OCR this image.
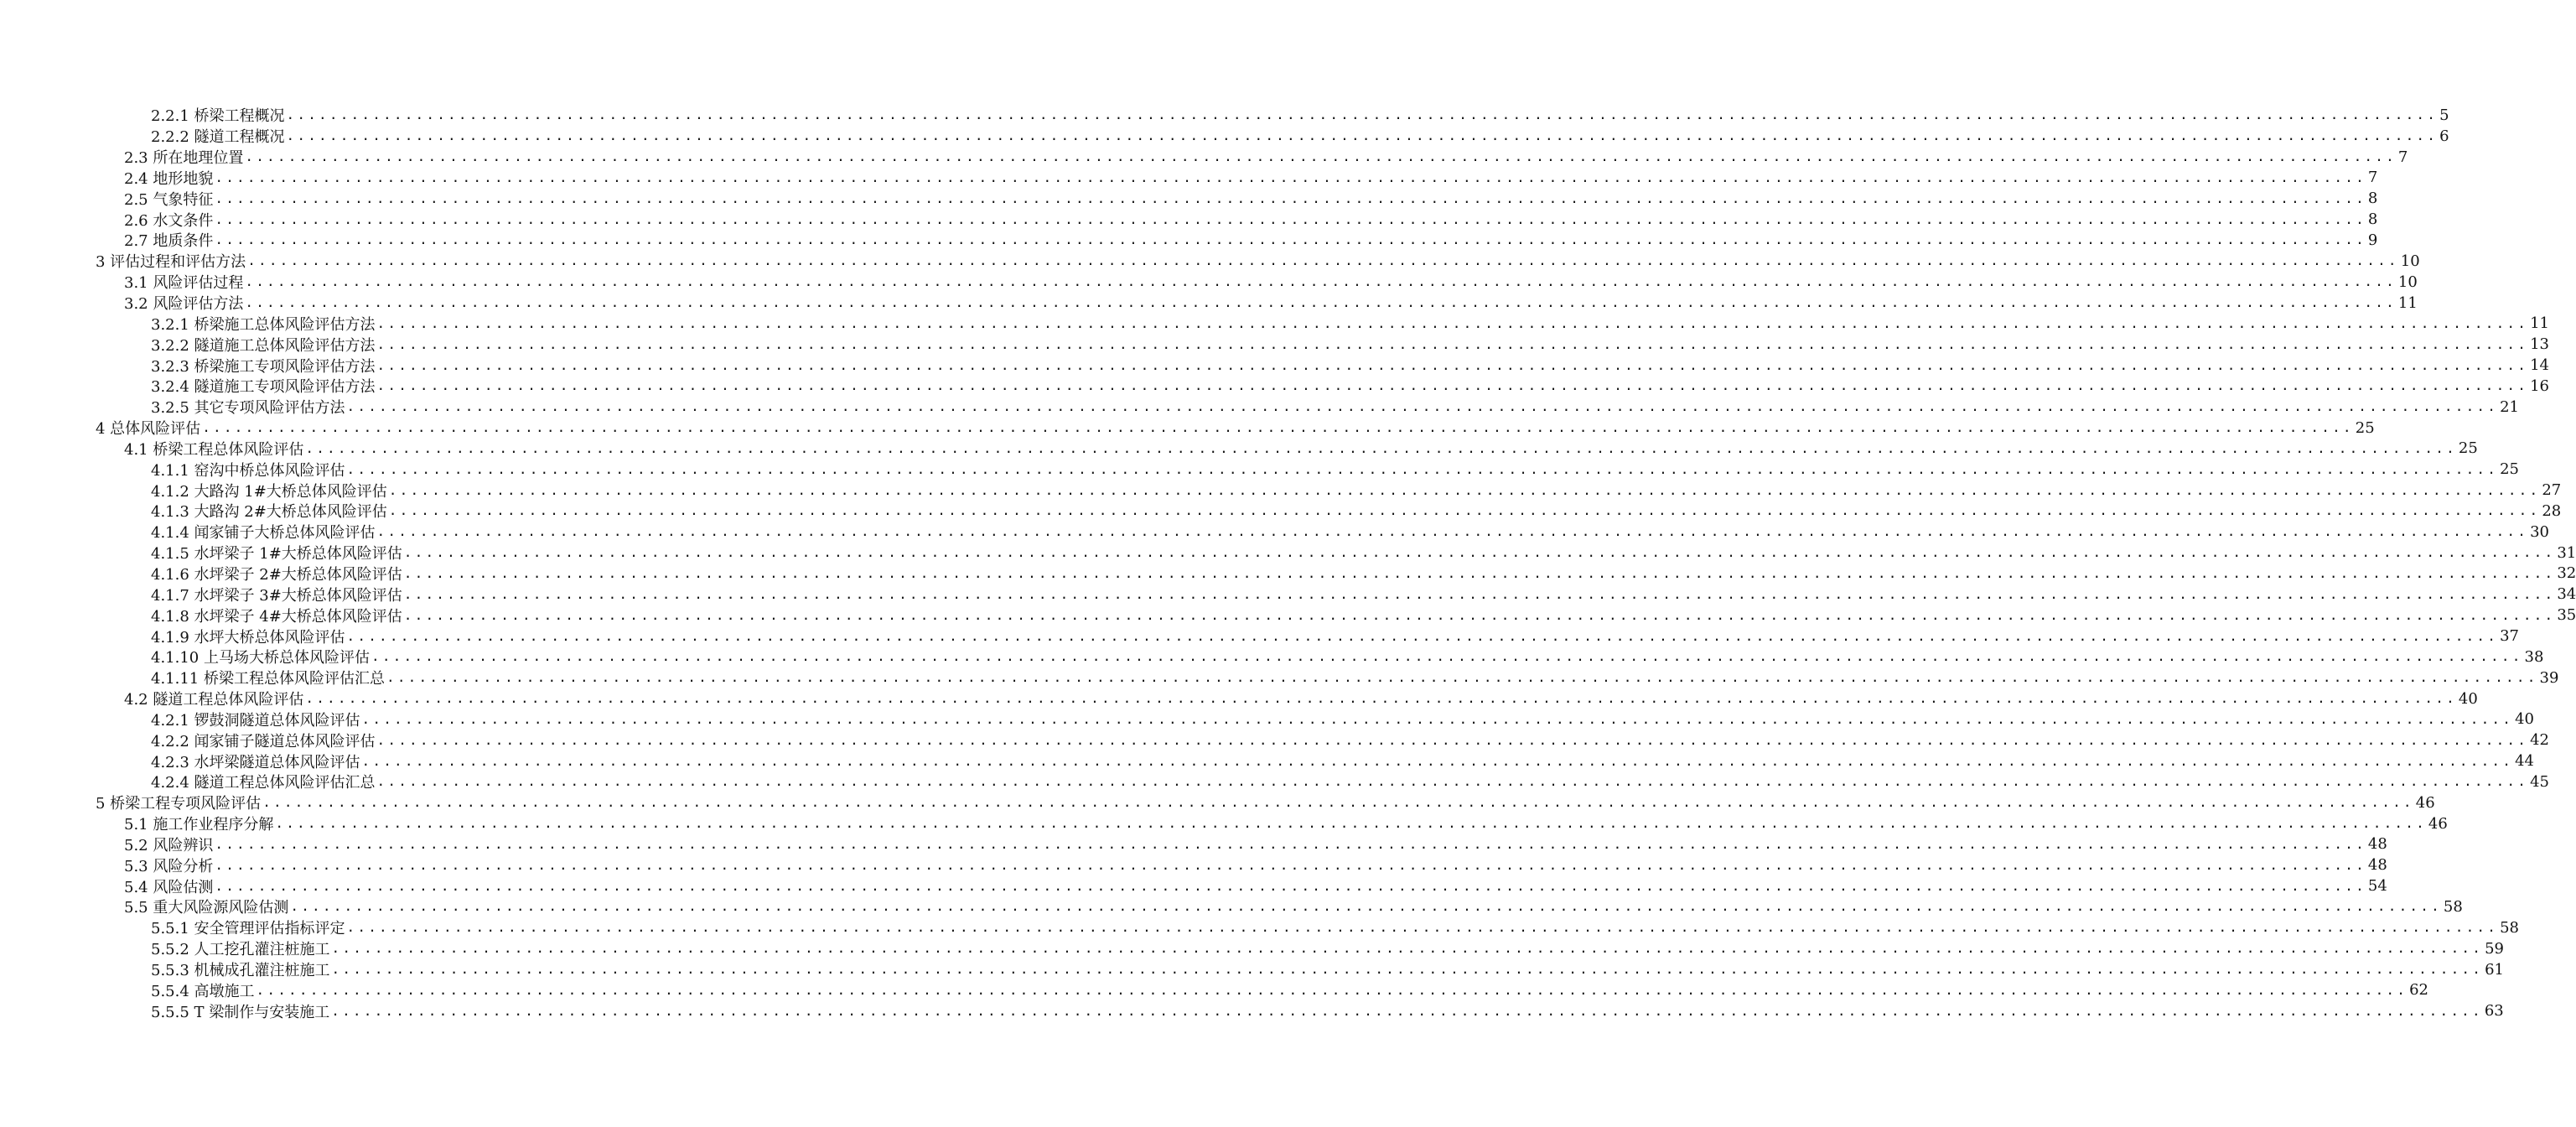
2.2.1 桥梁工程概况 ........................................................................................................................................................................................................ 5
2.2.2 隧道工程概况 ........................................................................................................................................................................................................ 6
2.3 所在地理位置 ........................................................................................................................................................................................................ 7
2.4 地形地貌 ........................................................................................................................................................................................................ 7
2.5 气象特征 ........................................................................................................................................................................................................ 8
2.6 水文条件 ........................................................................................................................................................................................................ 8
2.7 地质条件 ........................................................................................................................................................................................................ 9
3 评估过程和评估方法 ........................................................................................................................................................................................................ 10
3.1 风险评估过程 ........................................................................................................................................................................................................ 10
3.2 风险评估方法 ........................................................................................................................................................................................................ 11
3.2.1 桥梁施工总体风险评估方法 ........................................................................................................................................................................................................ 11
3.2.2 隧道施工总体风险评估方法 ........................................................................................................................................................................................................ 13
3.2.3 桥梁施工专项风险评估方法 ........................................................................................................................................................................................................ 14
3.2.4 隧道施工专项风险评估方法 ........................................................................................................................................................................................................ 16
3.2.5 其它专项风险评估方法 ........................................................................................................................................................................................................ 21
4 总体风险评估 ........................................................................................................................................................................................................ 25
4.1 桥梁工程总体风险评估 ........................................................................................................................................................................................................ 25
4.1.1 窑沟中桥总体风险评估 ........................................................................................................................................................................................................ 25
4.1.2 大路沟 1#大桥总体风险评估 ........................................................................................................................................................................................................ 27
4.1.3 大路沟 2#大桥总体风险评估 ........................................................................................................................................................................................................ 28
4.1.4 闻家铺子大桥总体风险评估 ........................................................................................................................................................................................................ 30
4.1.5 水坪梁子 1#大桥总体风险评估 ........................................................................................................................................................................................................ 31
4.1.6 水坪梁子 2#大桥总体风险评估 ........................................................................................................................................................................................................ 32
4.1.7 水坪梁子 3#大桥总体风险评估 ........................................................................................................................................................................................................ 34
4.1.8 水坪梁子 4#大桥总体风险评估 ........................................................................................................................................................................................................ 35
4.1.9 水坪大桥总体风险评估 ........................................................................................................................................................................................................ 37
4.1.10 上马场大桥总体风险评估 ........................................................................................................................................................................................................ 38
4.1.11 桥梁工程总体风险评估汇总 ........................................................................................................................................................................................................ 39
4.2 隧道工程总体风险评估 ........................................................................................................................................................................................................ 40
4.2.1 锣鼓洞隧道总体风险评估 ........................................................................................................................................................................................................ 40
4.2.2 闻家铺子隧道总体风险评估 ........................................................................................................................................................................................................ 42
4.2.3 水坪梁隧道总体风险评估 ........................................................................................................................................................................................................ 44
4.2.4 隧道工程总体风险评估汇总 ........................................................................................................................................................................................................ 45
5 桥梁工程专项风险评估 ........................................................................................................................................................................................................ 46
5.1 施工作业程序分解 ........................................................................................................................................................................................................ 46
5.2 风险辨识 ........................................................................................................................................................................................................ 48
5.3 风险分析 ........................................................................................................................................................................................................ 48
5.4 风险估测 ........................................................................................................................................................................................................ 54
5.5 重大风险源风险估测 ........................................................................................................................................................................................................ 58
5.5.1 安全管理评估指标评定 ........................................................................................................................................................................................................ 58
5.5.2 人工挖孔灌注桩施工 ........................................................................................................................................................................................................ 59
5.5.3 机械成孔灌注桩施工 ........................................................................................................................................................................................................ 61
5.5.4 高墩施工 ........................................................................................................................................................................................................ 62
5.5.5 T 梁制作与安装施工 ........................................................................................................................................................................................................ 63
